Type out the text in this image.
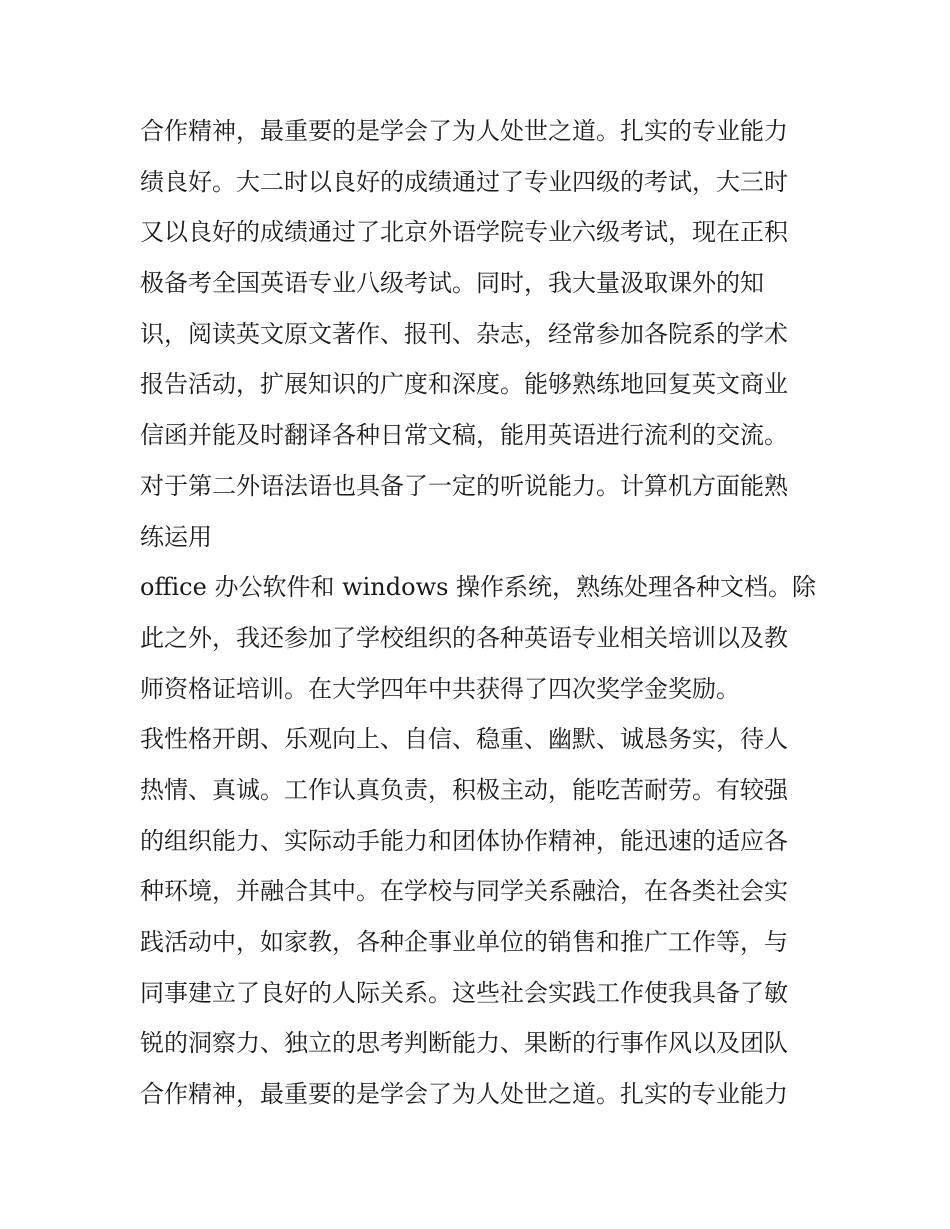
合作精神，最重要的是学会了为人处世之道。扎实的专业能力
绩良好。大二时以良好的成绩通过了专业四级的考试，大三时
又以良好的成绩通过了北京外语学院专业六级考试，现在正积
极备考全国英语专业八级考试。同时，我大量汲取课外的知
识，阅读英文原文著作、报刊、杂志，经常参加各院系的学术
报告活动，扩展知识的广度和深度。能够熟练地回复英文商业
信函并能及时翻译各种日常文稿，能用英语进行流利的交流。
对于第二外语法语也具备了一定的听说能力。计算机方面能熟
练运用
office 办公软件和 windows 操作系统，熟练处理各种文档。除
此之外，我还参加了学校组织的各种英语专业相关培训以及教
师资格证培训。在大学四年中共获得了四次奖学金奖励。
我性格开朗、乐观向上、自信、稳重、幽默、诚恳务实，待人
热情、真诚。工作认真负责，积极主动，能吃苦耐劳。有较强
的组织能力、实际动手能力和团体协作精神，能迅速的适应各
种环境，并融合其中。在学校与同学关系融洽，在各类社会实
践活动中，如家教，各种企事业单位的销售和推广工作等，与
同事建立了良好的人际关系。这些社会实践工作使我具备了敏
锐的洞察力、独立的思考判断能力、果断的行事作风以及团队
合作精神，最重要的是学会了为人处世之道。扎实的专业能力
